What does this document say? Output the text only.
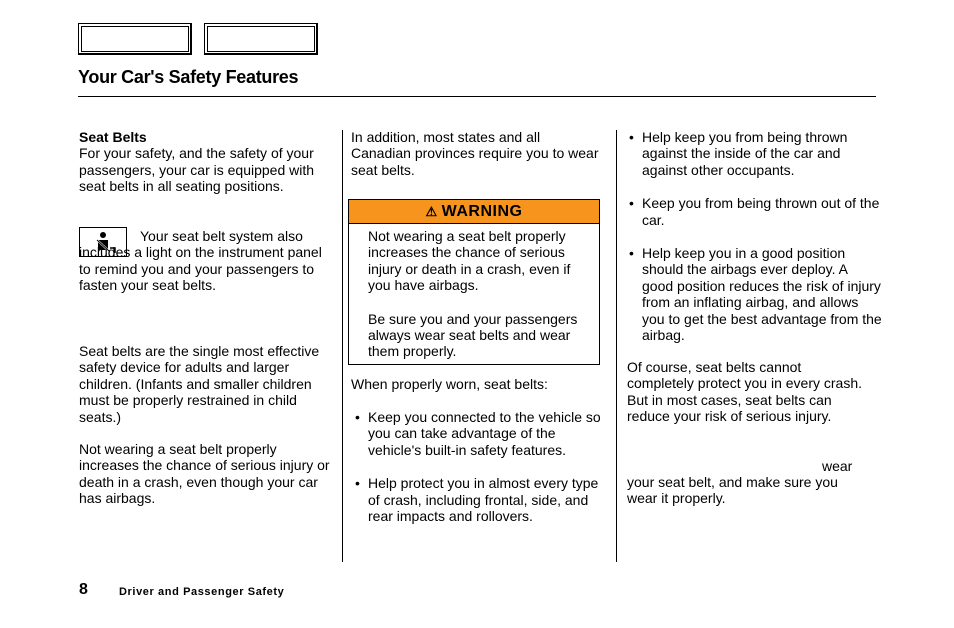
Your Car's Safety Features
Seat Belts
For your safety, and the safety of your passengers, your car is equipped with seat belts in all seating positions.
Your seat belt system also includes a light on the instrument panel to remind you and your passengers to fasten your seat belts.
Seat belts are the single most effective safety device for adults and larger children. (Infants and smaller children must be properly restrained in child seats.)
Not wearing a seat belt properly increases the chance of serious injury or death in a crash, even though your car has airbags.
In addition, most states and all Canadian provinces require you to wear seat belts.
⚠ WARNING

Not wearing a seat belt properly increases the chance of serious injury or death in a crash, even if you have airbags.

Be sure you and your passengers always wear seat belts and wear them properly.

When properly worn, seat belts:
• Keep you connected to the vehicle so you can take advantage of the vehicle's built-in safety features.
• Help protect you in almost every type of crash, including frontal, side, and rear impacts and rollovers.
• Help keep you from being thrown against the inside of the car and against other occupants.
• Keep you from being thrown out of the car.
• Help keep you in a good position should the airbags ever deploy. A good position reduces the risk of injury from an inflating airbag, and allows you to get the best advantage from the airbag.
Of course, seat belts cannot completely protect you in every crash. But in most cases, seat belts can reduce your risk of serious injury.
wear
your seat belt, and make sure you wear it properly.
8	Driver and Passenger Safety
